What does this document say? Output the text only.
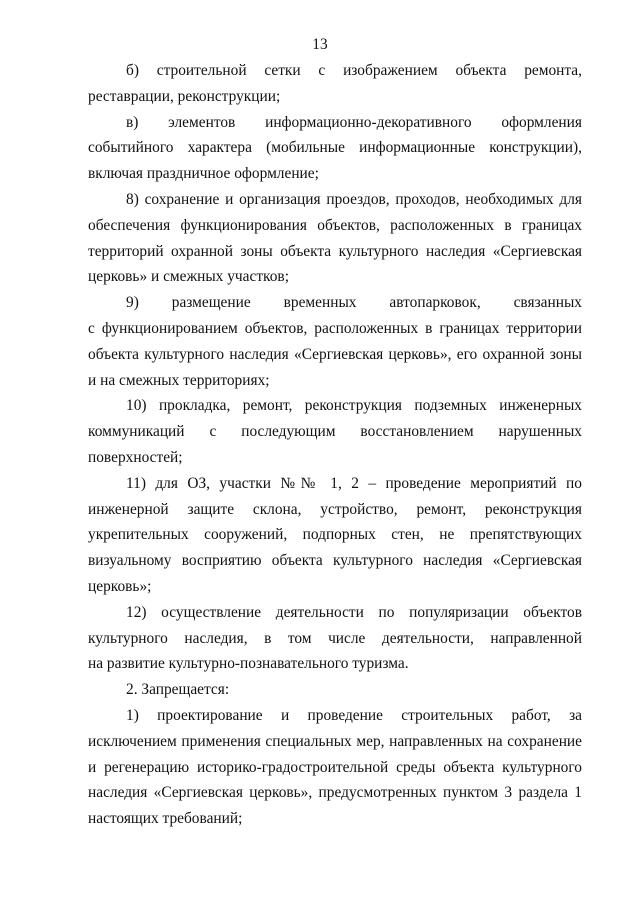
13

б) строительной сетки с изображением объекта ремонта,
реставрации, реконструкции;

в) элементов информационно-декоративного оформления
событийного характера (мобильные информационные конструкции),
включая праздничное оформление;

8) сохранение и организация проездов, проходов, необходимых для
обеспечения функционирования объектов, расположенных в границах
территорий охранной зоны объекта культурного наследия «Сергиевская
церковь» и смежных участков;

9) размещение временных автопарковок, связанных
с функционированием объектов, расположенных в границах территории
объекта культурного наследия «Сергиевская церковь», его охранной зоны
и на смежных территориях;

10) прокладка, ремонт, реконструкция подземных инженерных
коммуникаций с последующим восстановлением нарушенных
поверхностей;

11) для ОЗ, участки №№ 1, 2 – проведение мероприятий по
инженерной защите склона, устройство, ремонт, реконструкция
укрепительных сооружений, подпорных стен, не препятствующих
визуальному восприятию объекта культурного наследия «Сергиевская
церковь»;

12) осуществление деятельности по популяризации объектов
культурного наследия, в том числе деятельности, направленной
на развитие культурно-познавательного туризма.

2. Запрещается:

1) проектирование и проведение строительных работ, за
исключением применения специальных мер, направленных на сохранение
и регенерацию историко-градостроительной среды объекта культурного
наследия «Сергиевская церковь», предусмотренных пунктом 3 раздела 1
настоящих требований;
